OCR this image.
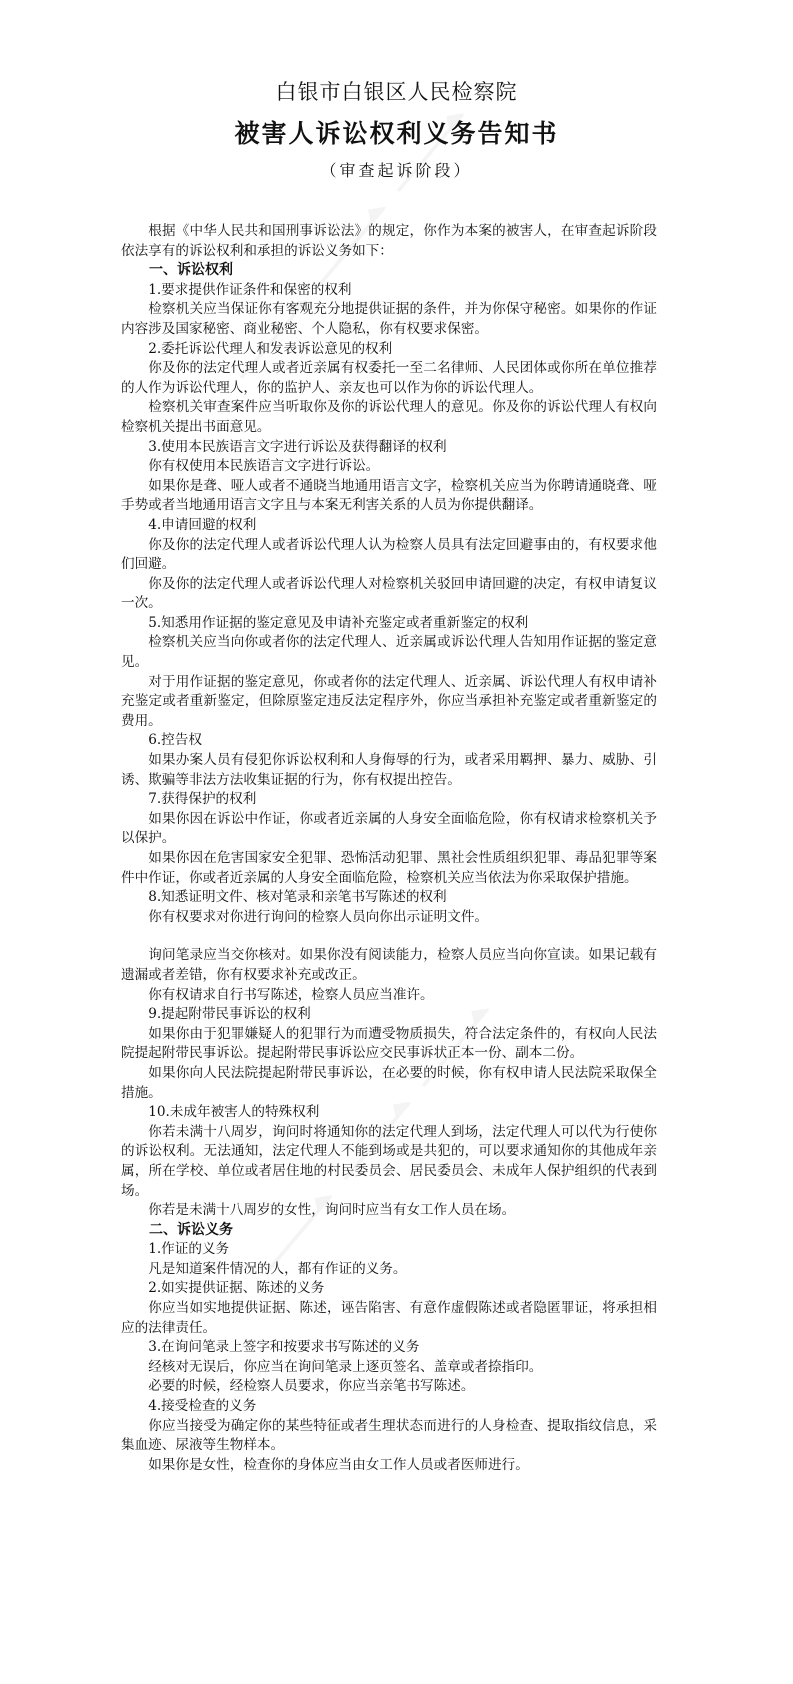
白银市白银区人民检察院
被害人诉讼权利义务告知书
（审查起诉阶段）

根据《中华人民共和国刑事诉讼法》的规定，你作为本案的被害人，在审查起诉阶段依法享有的诉讼权利和承担的诉讼义务如下：

一、诉讼权利

1.要求提供作证条件和保密的权利

检察机关应当保证你有客观充分地提供证据的条件，并为你保守秘密。如果你的作证内容涉及国家秘密、商业秘密、个人隐私，你有权要求保密。

2.委托诉讼代理人和发表诉讼意见的权利

你及你的法定代理人或者近亲属有权委托一至二名律师、人民团体或你所在单位推荐的人作为诉讼代理人，你的监护人、亲友也可以作为你的诉讼代理人。

检察机关审查案件应当听取你及你的诉讼代理人的意见。你及你的诉讼代理人有权向检察机关提出书面意见。

3.使用本民族语言文字进行诉讼及获得翻译的权利

你有权使用本民族语言文字进行诉讼。

如果你是聋、哑人或者不通晓当地通用语言文字，检察机关应当为你聘请通晓聋、哑手势或者当地通用语言文字且与本案无利害关系的人员为你提供翻译。

4.申请回避的权利

你及你的法定代理人或者诉讼代理人认为检察人员具有法定回避事由的，有权要求他们回避。

你及你的法定代理人或者诉讼代理人对检察机关驳回申请回避的决定，有权申请复议一次。

5.知悉用作证据的鉴定意见及申请补充鉴定或者重新鉴定的权利

检察机关应当向你或者你的法定代理人、近亲属或诉讼代理人告知用作证据的鉴定意见。

对于用作证据的鉴定意见，你或者你的法定代理人、近亲属、诉讼代理人有权申请补充鉴定或者重新鉴定，但除原鉴定违反法定程序外，你应当承担补充鉴定或者重新鉴定的费用。

6.控告权

如果办案人员有侵犯你诉讼权利和人身侮辱的行为，或者采用羁押、暴力、威胁、引诱、欺骗等非法方法收集证据的行为，你有权提出控告。

7.获得保护的权利

如果你因在诉讼中作证，你或者近亲属的人身安全面临危险，你有权请求检察机关予以保护。

如果你因在危害国家安全犯罪、恐怖活动犯罪、黑社会性质组织犯罪、毒品犯罪等案件中作证，你或者近亲属的人身安全面临危险，检察机关应当依法为你采取保护措施。

8.知悉证明文件、核对笔录和亲笔书写陈述的权利

你有权要求对你进行询问的检察人员向你出示证明文件。

询问笔录应当交你核对。如果你没有阅读能力，检察人员应当向你宣读。如果记载有遗漏或者差错，你有权要求补充或改正。

你有权请求自行书写陈述，检察人员应当准许。

9.提起附带民事诉讼的权利

如果你由于犯罪嫌疑人的犯罪行为而遭受物质损失，符合法定条件的，有权向人民法院提起附带民事诉讼。提起附带民事诉讼应交民事诉状正本一份、副本二份。

如果你向人民法院提起附带民事诉讼，在必要的时候，你有权申请人民法院采取保全措施。

10.未成年被害人的特殊权利

你若未满十八周岁，询问时将通知你的法定代理人到场，法定代理人可以代为行使你的诉讼权利。无法通知，法定代理人不能到场或是共犯的，可以要求通知你的其他成年亲属，所在学校、单位或者居住地的村民委员会、居民委员会、未成年人保护组织的代表到场。

你若是未满十八周岁的女性，询问时应当有女工作人员在场。

二、诉讼义务

1.作证的义务

凡是知道案件情况的人，都有作证的义务。

2.如实提供证据、陈述的义务

你应当如实地提供证据、陈述，诬告陷害、有意作虚假陈述或者隐匿罪证，将承担相应的法律责任。

3.在询问笔录上签字和按要求书写陈述的义务

经核对无误后，你应当在询问笔录上逐页签名、盖章或者捺指印。

必要的时候，经检察人员要求，你应当亲笔书写陈述。

4.接受检查的义务

你应当接受为确定你的某些特征或者生理状态而进行的人身检查、提取指纹信息，采集血迹、尿液等生物样本。

如果你是女性，检查你的身体应当由女工作人员或者医师进行。
